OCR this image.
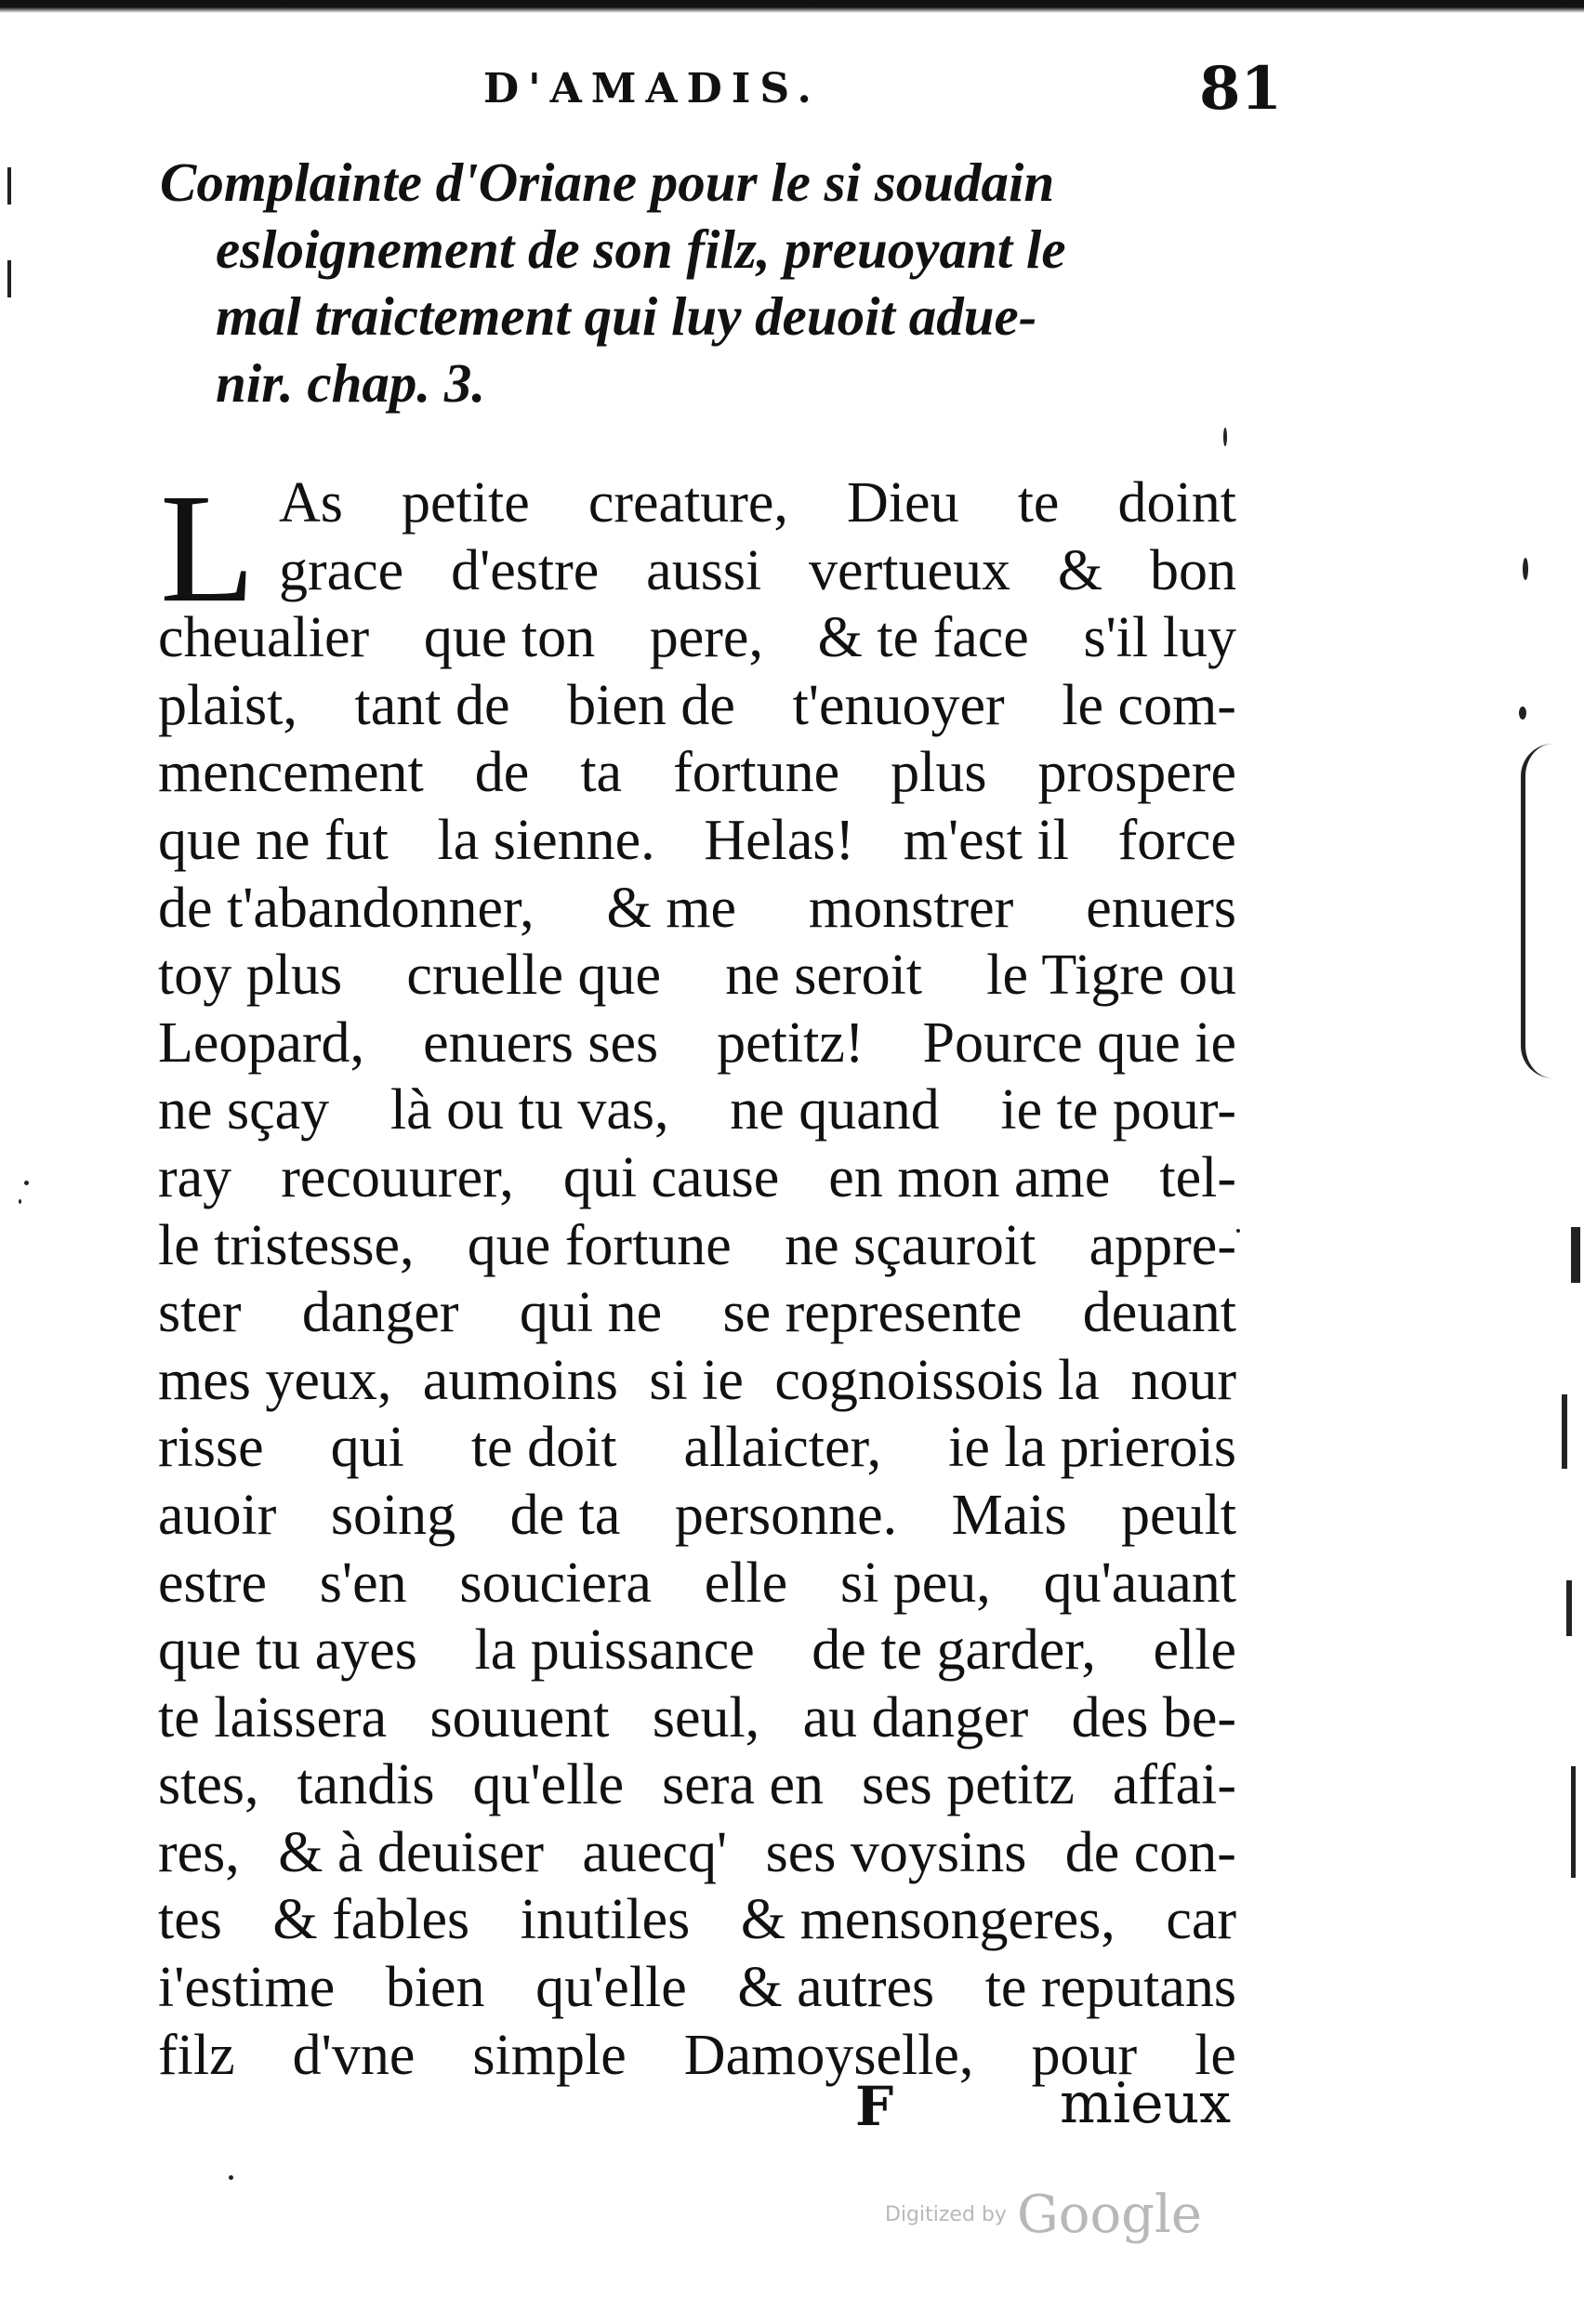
D'AMADIS.	81
Complainte d'Oriane pour le si soudain
esloignement de son filz, preuoyant le
mal traictement qui luy deuoit adue-
nir. chap. 3.
L As petite creature, Dieu te doint
grace d'estre aussi vertueux & bon
cheualier que ton pere, & te face s'il luy
plaist, tant de bien de t'enuoyer le com-
mencement de ta fortune plus prospere
que ne fut la sienne. Helas! m'est il force
de t'abandonner, & me monstrer enuers
toy plus cruelle que ne seroit le Tigre ou
Leopard, enuers ses petitz! Pource que ie
ne sçay là ou tu vas, ne quand ie te pour-
ray recouurer, qui cause en mon ame tel-
le tristesse, que fortune ne sçauroit appre-
ster danger qui ne se represente deuant
mes yeux, aumoins si ie cognoissois la nour
risse qui te doit allaicter, ie la prierois
auoir soing de ta personne. Mais peult
estre s'en souciera elle si peu, qu'auant
que tu ayes la puissance de te garder, elle
te laissera souuent seul, au danger des be-
stes, tandis qu'elle sera en ses petitz affai-
res, & à deuiser auecq' ses voysins de con-
tes & fables inutiles & mensongeres, car
i'estime bien qu'elle & autres te reputans
filz d'vne simple Damoyselle, pour le
F	mieux
Digitized by Google
